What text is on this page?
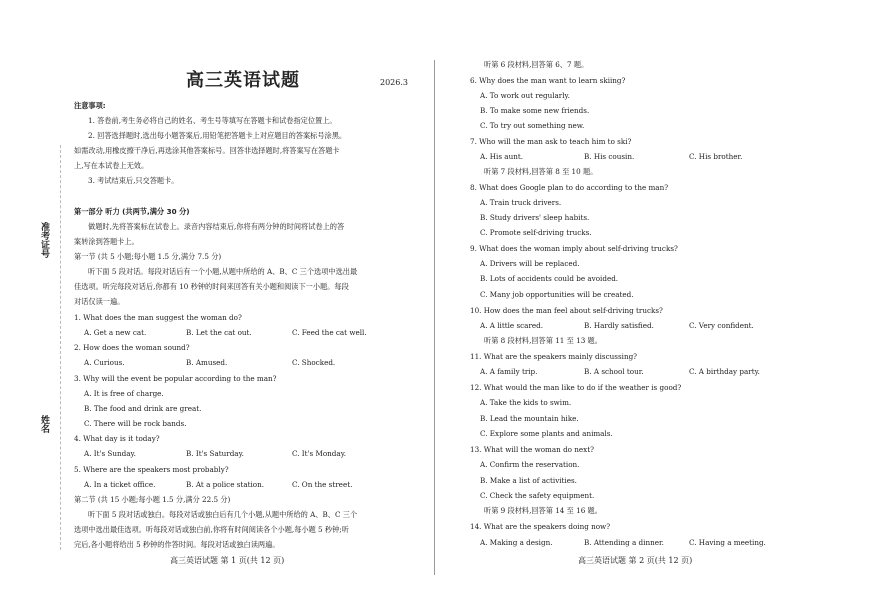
准考证号
姓名
高三英语试题	2026.3
注意事项:
1. 答卷前,考生务必将自己的姓名、考生号等填写在答题卡和试卷指定位置上。
2. 回答选择题时,选出每小题答案后,用铅笔把答题卡上对应题目的答案标号涂黑。
如需改动,用橡皮擦干净后,再选涂其他答案标号。回答非选择题时,将答案写在答题卡
上,写在本试卷上无效。
3. 考试结束后,只交答题卡。
第一部分 听力 (共两节,满分 30 分)
做题时,先将答案标在试卷上。录音内容结束后,你将有两分钟的时间将试卷上的答
案转涂到答题卡上。
第一节 (共 5 小题;每小题 1.5 分,满分 7.5 分)
听下面 5 段对话。每段对话后有一个小题,从题中所给的 A、B、C 三个选项中选出最
佳选项。听完每段对话后,你都有 10 秒钟的时间来回答有关小题和阅读下一小题。每段
对话仅读一遍。
1. What does the man suggest the woman do?
A. Get a new cat.	B. Let the cat out.	C. Feed the cat well.
2. How does the woman sound?
A. Curious.	B. Amused.	C. Shocked.
3. Why will the event be popular according to the man?
A. It is free of charge.
B. The food and drink are great.
C. There will be rock bands.
4. What day is it today?
A. It's Sunday.	B. It's Saturday.	C. It's Monday.
5. Where are the speakers most probably?
A. In a ticket office.	B. At a police station.	C. On the street.
第二节 (共 15 小题;每小题 1.5 分,满分 22.5 分)
听下面 5 段对话或独白。每段对话或独白后有几个小题,从题中所给的 A、B、C 三个
选项中选出最佳选项。听每段对话或独白前,你将有时间阅读各个小题,每小题 5 秒钟;听
完后,各小题将给出 5 秒钟的作答时间。每段对话或独白读两遍。
高三英语试题 第 1 页(共 12 页)
听第 6 段材料,回答第 6、7 题。
6. Why does the man want to learn skiing?
A. To work out regularly.
B. To make some new friends.
C. To try out something new.
7. Who will the man ask to teach him to ski?
A. His aunt.	B. His cousin.	C. His brother.
听第 7 段材料,回答第 8 至 10 题。
8. What does Google plan to do according to the man?
A. Train truck drivers.
B. Study drivers' sleep habits.
C. Promote self-driving trucks.
9. What does the woman imply about self-driving trucks?
A. Drivers will be replaced.
B. Lots of accidents could be avoided.
C. Many job opportunities will be created.
10. How does the man feel about self-driving trucks?
A. A little scared.	B. Hardly satisfied.	C. Very confident.
听第 8 段材料,回答第 11 至 13 题。
11. What are the speakers mainly discussing?
A. A family trip.	B. A school tour.	C. A birthday party.
12. What would the man like to do if the weather is good?
A. Take the kids to swim.
B. Lead the mountain hike.
C. Explore some plants and animals.
13. What will the woman do next?
A. Confirm the reservation.
B. Make a list of activities.
C. Check the safety equipment.
听第 9 段材料,回答第 14 至 16 题。
14. What are the speakers doing now?
A. Making a design.	B. Attending a dinner.	C. Having a meeting.
高三英语试题 第 2 页(共 12 页)
